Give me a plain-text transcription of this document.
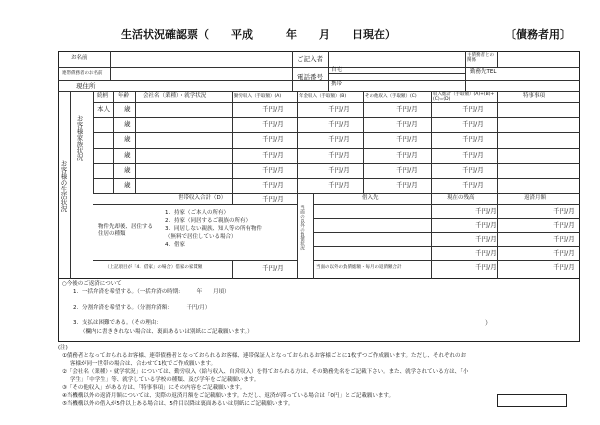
生活状況確認票（　　平成　　　年　　月　　日現在）	〔債務者用〕
お名前	ご記入者	主債務者との関係
連帯債務者のお名前	電話番号
自宅
携帯
勤務先TEL
現住所
お客様の生活状況
お客様家族状況
続柄 年齢	会社名（業種）・就学状況	勤労収入（手取額）(A)	年金収入（手取額）(B)	その他収入（手取額）(C)	収入総計（手取額）(A)+(B)+(C)=(D)
特事事項
本人 歳	千円/月	千円/月	千円/月	千円/月
歳	千円/月	千円/月	千円/月	千円/月
歳	千円/月	千円/月	千円/月	千円/月
歳	千円/月	千円/月	千円/月	千円/月
歳	千円/月	千円/月	千円/月	千円/月
歳	千円/月	千円/月	千円/月	千円/月
世帯収入合計（D）	千円/月
当面の以外の負債状況
借入先	現在の残高	返済月額
千円/月	千円/月
千円/月	千円/月
千円/月	千円/月
千円/月	千円/月
当面の以外の負債総額・毎月の返済額合計	千円/月	千円/月
物件先却後、居住する住居の種類
1．持家（ご本人の所有）
2．持家（同居するご親族の所有）
3．同居しない親族、知人等の所有物件
（無料で居住している場合）
4．借家
（上記項目が「4．借家」の場合）借家の家賃額	千円/月
○今後のご返済について
1．一括弁済を希望する。（一括弁済の時期:　　　年　　月頃）
2．分割弁済を希望する。（分割弁済額：　　　千円/月）
3．支払は困難である。（その理由：
（欄内に書ききれない場合は、裏面あるいは別紙にご記載願います。）
）
(注)
①債務者となっておられるお客様、連帯債務者となっておられるお客様、連帯保証人となっておられるお客様ごとに1枚ずつご作成願います。ただし、それぞれのお
客様が同一世帯の場合は、合わせて1枚でご作成願います。
②「会社名（業種）・就学状況」については、勤労収入（給与収入、自営収入）を得ておられる方は、その勤務先名をご記載下さい。また、就学されている方は、「小
学生」「中学生」等、就学している学校の種類、及び学年をご記載願います。
③「その他収入」がある方は、「特事事項」にその内容をご記載願います。
④当機構以外の返済月額については、実際の返済月額をご記載願います。ただし、返済が滞っている場合は「0円」とご記載願います。
⑤当機構以外の借入が5件以上ある場合は、5件目以降は裏面あるいは別紙にご記載願います。
